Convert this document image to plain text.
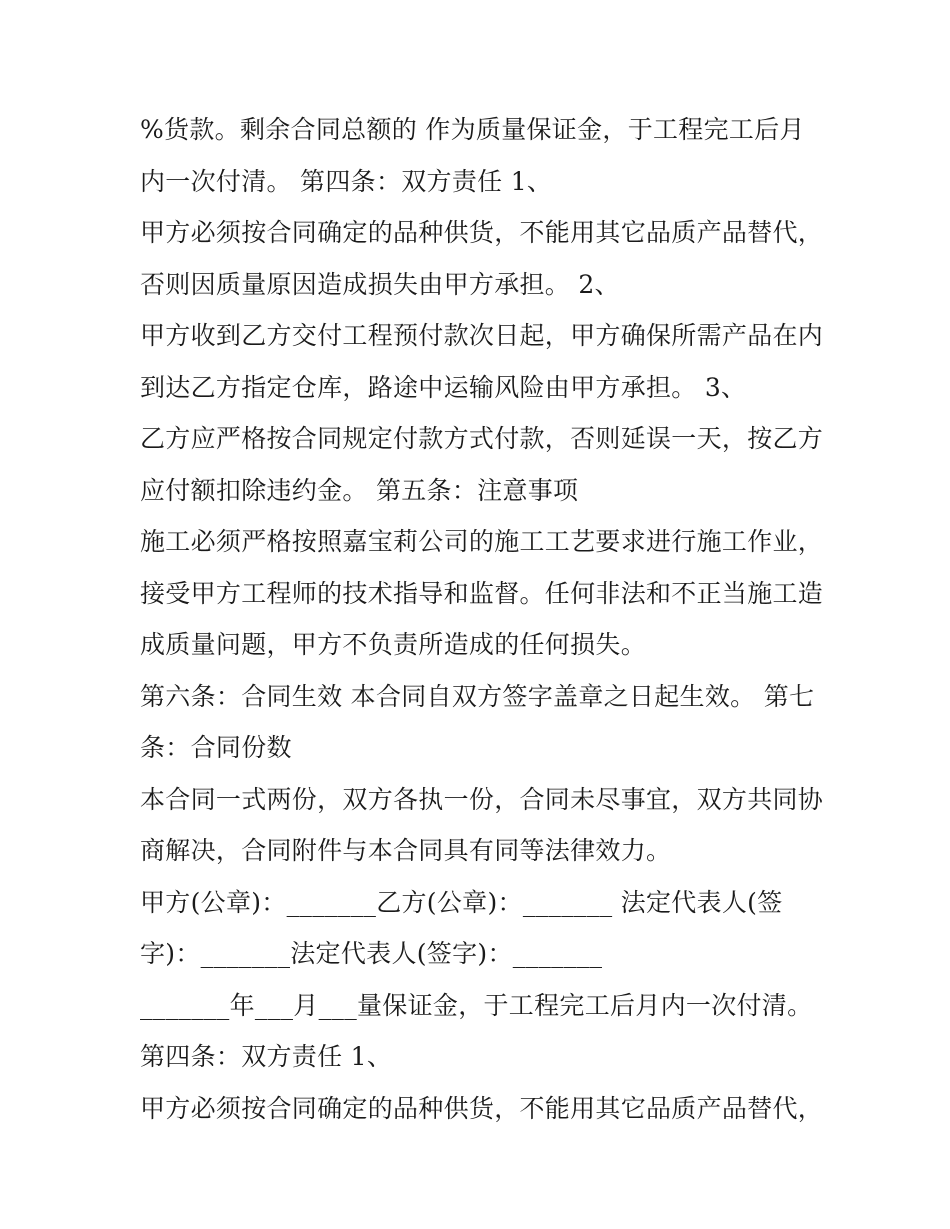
%货款。剩余合同总额的 作为质量保证金，于工程完工后月
内一次付清。 第四条：双方责任 1、
甲方必须按合同确定的品种供货，不能用其它品质产品替代，
否则因质量原因造成损失由甲方承担。 2、
甲方收到乙方交付工程预付款次日起，甲方确保所需产品在内
到达乙方指定仓库，路途中运输风险由甲方承担。 3、
乙方应严格按合同规定付款方式付款，否则延误一天，按乙方
应付额扣除违约金。 第五条：注意事项
施工必须严格按照嘉宝莉公司的施工工艺要求进行施工作业，
接受甲方工程师的技术指导和监督。任何非法和不正当施工造
成质量问题，甲方不负责所造成的任何损失。
第六条：合同生效 本合同自双方签字盖章之日起生效。 第七
条：合同份数
本合同一式两份，双方各执一份，合同未尽事宜，双方共同协
商解决，合同附件与本合同具有同等法律效力。
甲方(公章)：_______乙方(公章)：_______ 法定代表人(签
字)：_______法定代表人(签字)：_______
_______年___月___量保证金，于工程完工后月内一次付清。
第四条：双方责任 1、
甲方必须按合同确定的品种供货，不能用其它品质产品替代，
